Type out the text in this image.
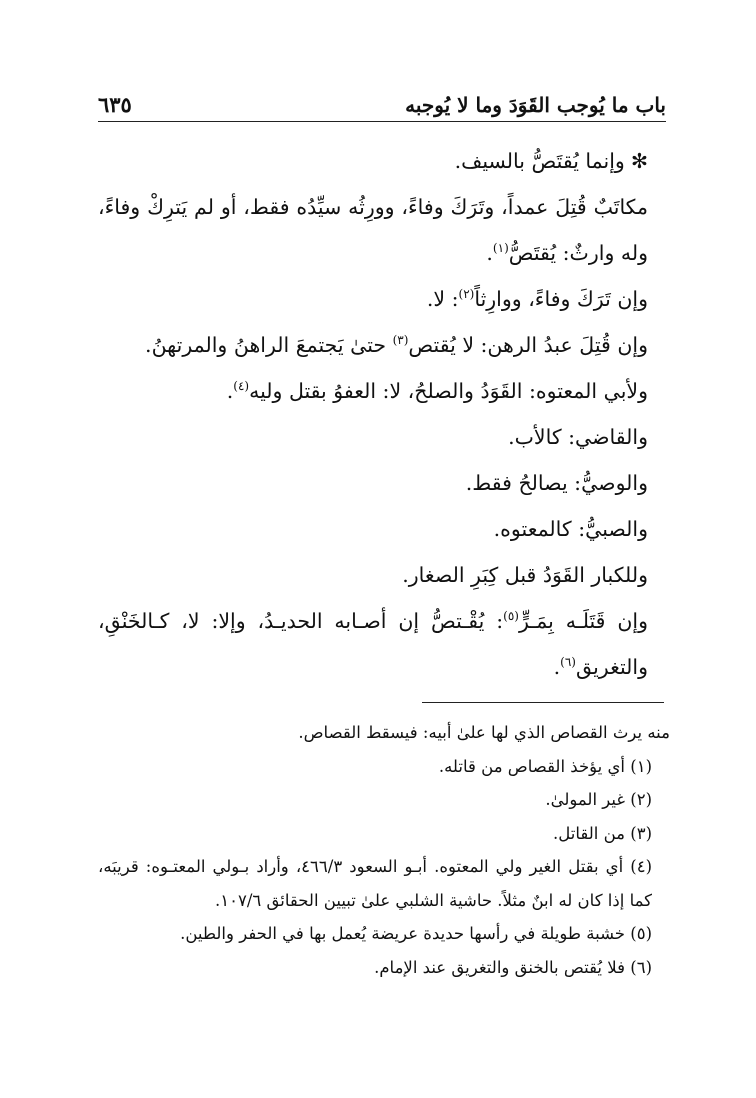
باب ما يُوجب القَوَدَ وما لا يُوجبه
٦٣٥

✻وإنما يُقتَصُّ بالسيف.

مكاتَبٌ قُتِلَ عمداً، وتَرَكَ وفاءً، وورِثُه سيِّدُه فقط، أو لم يَترِكْ وفاءً، وله وارثٌ: يُقتَصُّ$^{(١)}$.

وإن تَرَكَ وفاءً، ووارِثاً$^{(٢)}$: لا.

وإن قُتِلَ عبدُ الرهن: لا يُقتص$^{(٣)}$ حتىٰ يَجتمعَ الراهنُ والمرتهنُ.

ولأبي المعتوه: القَوَدُ والصلحُ، لا: العفوُ بقتل وليه$^{(٤)}$.

والقاضي: كالأب.

والوصيُّ: يصالحُ فقط.

والصبيُّ: كالمعتوه.

وللكبار القَوَدُ قبل كِبَرِ الصغار.

وإن قَتَلَـه بِمَـرٍّ$^{(٥)}$: يُقْـتصُّ إن أصـابه الحديـدُ، وإلا: لا، كـالخَنْقِ، والتغريق$^{(٦)}$.

منه يرث القصاص الذي لها علىٰ أبيه: فيسقط القصاص.

(١) أي يؤخذ القصاص من قاتله.

(٢) غير المولىٰ.

(٣) من القاتل.

(٤) أي بقتل الغير ولي المعتوه. أبـو السعود ٤٦٦/٣، وأراد بـولي المعتـوه: قريبَه، كما إذا كان له ابنٌ مثلاً. حاشية الشلبي علىٰ تبيين الحقائق ١٠٧/٦.

(٥) خشبة طويلة في رأسها حديدة عريضة يُعمل بها في الحفر والطين.

(٦) فلا يُقتص بالخنق والتغريق عند الإمام.
